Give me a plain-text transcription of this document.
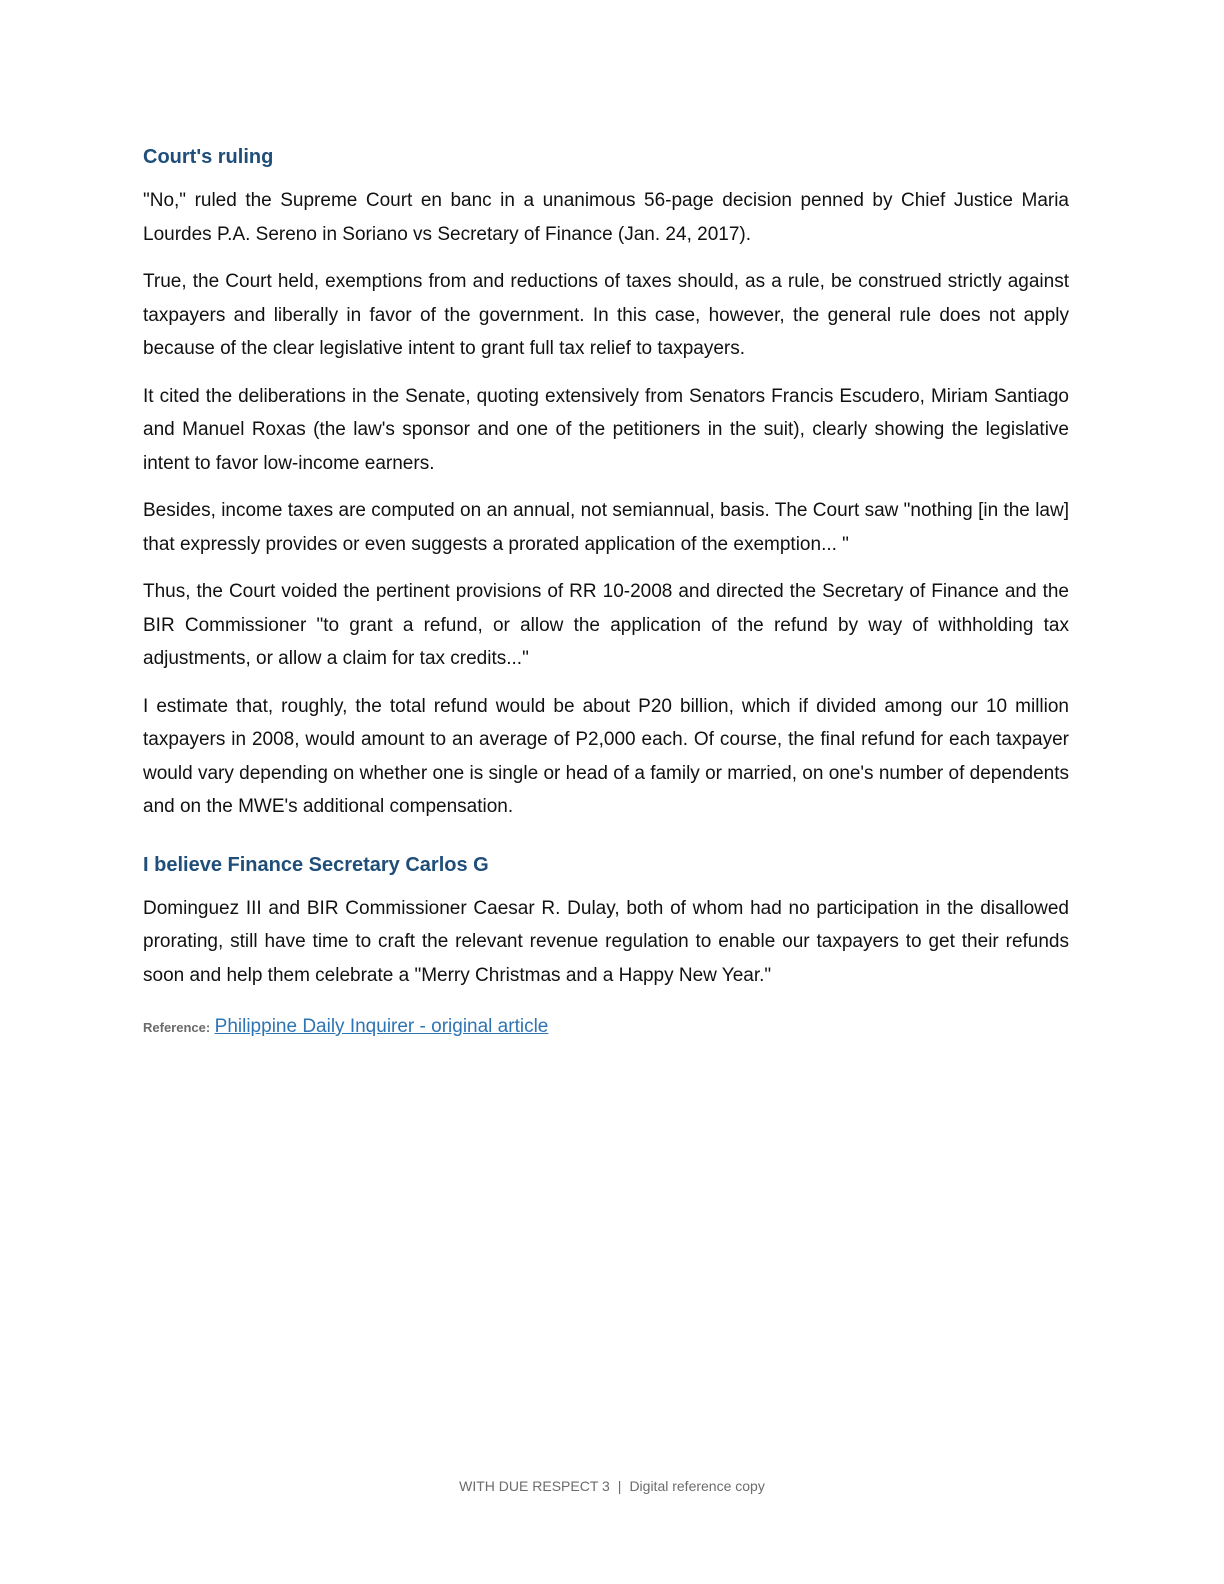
Court's ruling

"No," ruled the Supreme Court en banc in a unanimous 56-page decision penned by Chief Justice Maria Lourdes P.A. Sereno in Soriano vs Secretary of Finance (Jan. 24, 2017).

True, the Court held, exemptions from and reductions of taxes should, as a rule, be construed strictly against taxpayers and liberally in favor of the government. In this case, however, the general rule does not apply because of the clear legislative intent to grant full tax relief to taxpayers.

It cited the deliberations in the Senate, quoting extensively from Senators Francis Escudero, Miriam Santiago and Manuel Roxas (the law's sponsor and one of the petitioners in the suit), clearly showing the legislative intent to favor low-income earners.

Besides, income taxes are computed on an annual, not semiannual, basis. The Court saw "nothing [in the law] that expressly provides or even suggests a prorated application of the exemption... "

Thus, the Court voided the pertinent provisions of RR 10-2008 and directed the Secretary of Finance and the BIR Commissioner "to grant a refund, or allow the application of the refund by way of withholding tax adjustments, or allow a claim for tax credits..."

I estimate that, roughly, the total refund would be about P20 billion, which if divided among our 10 million taxpayers in 2008, would amount to an average of P2,000 each. Of course, the final refund for each taxpayer would vary depending on whether one is single or head of a family or married, on one's number of dependents and on the MWE's additional compensation.

I believe Finance Secretary Carlos G

Dominguez III and BIR Commissioner Caesar R. Dulay, both of whom had no participation in the disallowed prorating, still have time to craft the relevant revenue regulation to enable our taxpayers to get their refunds soon and help them celebrate a "Merry Christmas and a Happy New Year."

Reference: Philippine Daily Inquirer - original article
WITH DUE RESPECT 3 | Digital reference copy
